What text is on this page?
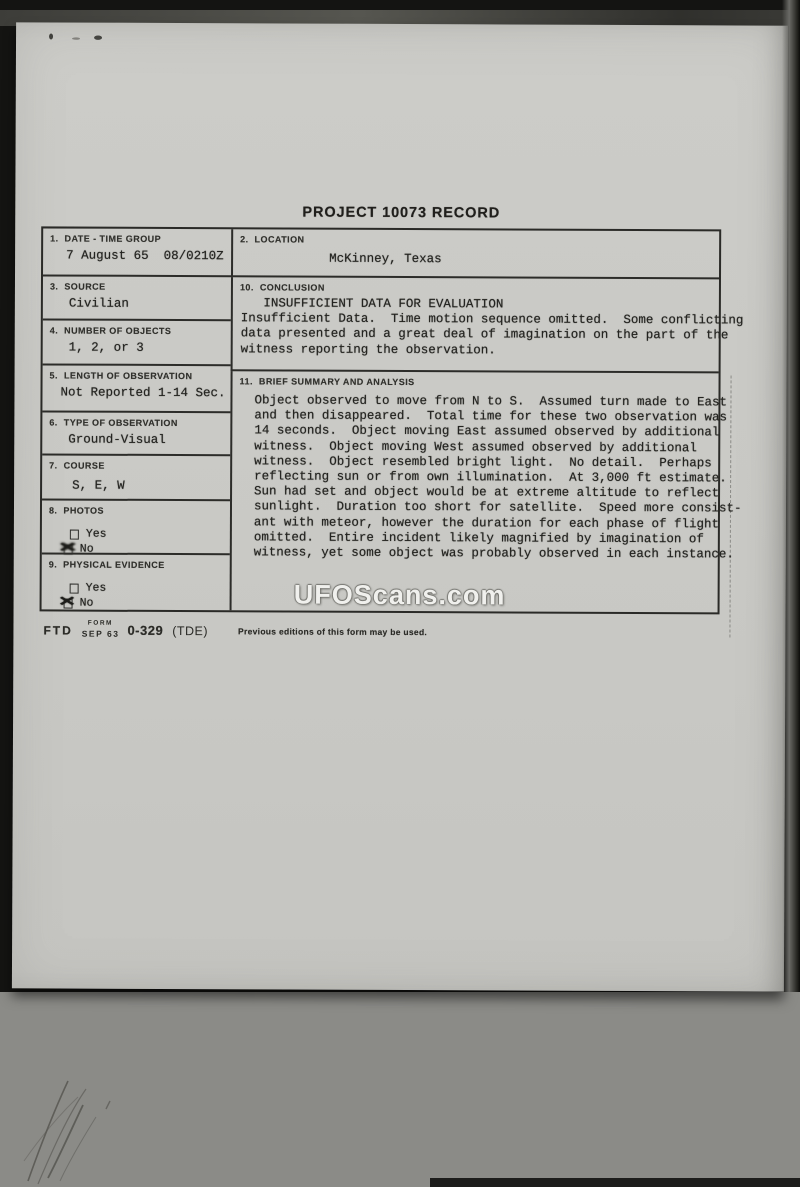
PROJECT 10073 RECORD
1. DATE - TIME GROUP
7 August 65  08/0210Z
3. SOURCE
Civilian
4. NUMBER OF OBJECTS
1, 2, or 3
5. LENGTH OF OBSERVATION
Not Reported 1-14 Sec.
6. TYPE OF OBSERVATION
Ground-Visual
7. COURSE
S, E, W
8. PHOTOS
Yes
✕
No
9. PHYSICAL EVIDENCE
Yes
✕
No
2. LOCATION
McKinney, Texas
10. CONCLUSION
INSUFFICIENT DATA FOR EVALUATION
Insufficient Data.  Time motion sequence omitted.  Some conflicting
data presented and a great deal of imagination on the part of the
witness reporting the observation.
11. BRIEF SUMMARY AND ANALYSIS
Object observed to move from N to S.  Assumed turn made to East
and then disappeared.  Total time for these two observation was
14 seconds.  Object moving East assumed observed by additional
witness.  Object moving West assumed observed by additional
witness.  Object resembled bright light.  No detail.  Perhaps
reflecting sun or from own illumination.  At 3,000 ft estimate.
Sun had set and object would be at extreme altitude to reflect
sunlight.  Duration too short for satellite.  Speed more consist-
ant with meteor, however the duration for each phase of flight
omitted.  Entire incident likely magnified by imagination of
witness, yet some object was probably observed in each instance.
UFOScans.com
FTD
FORM
SEP 63 0-329 (TDE)	Previous editions of this form may be used.
